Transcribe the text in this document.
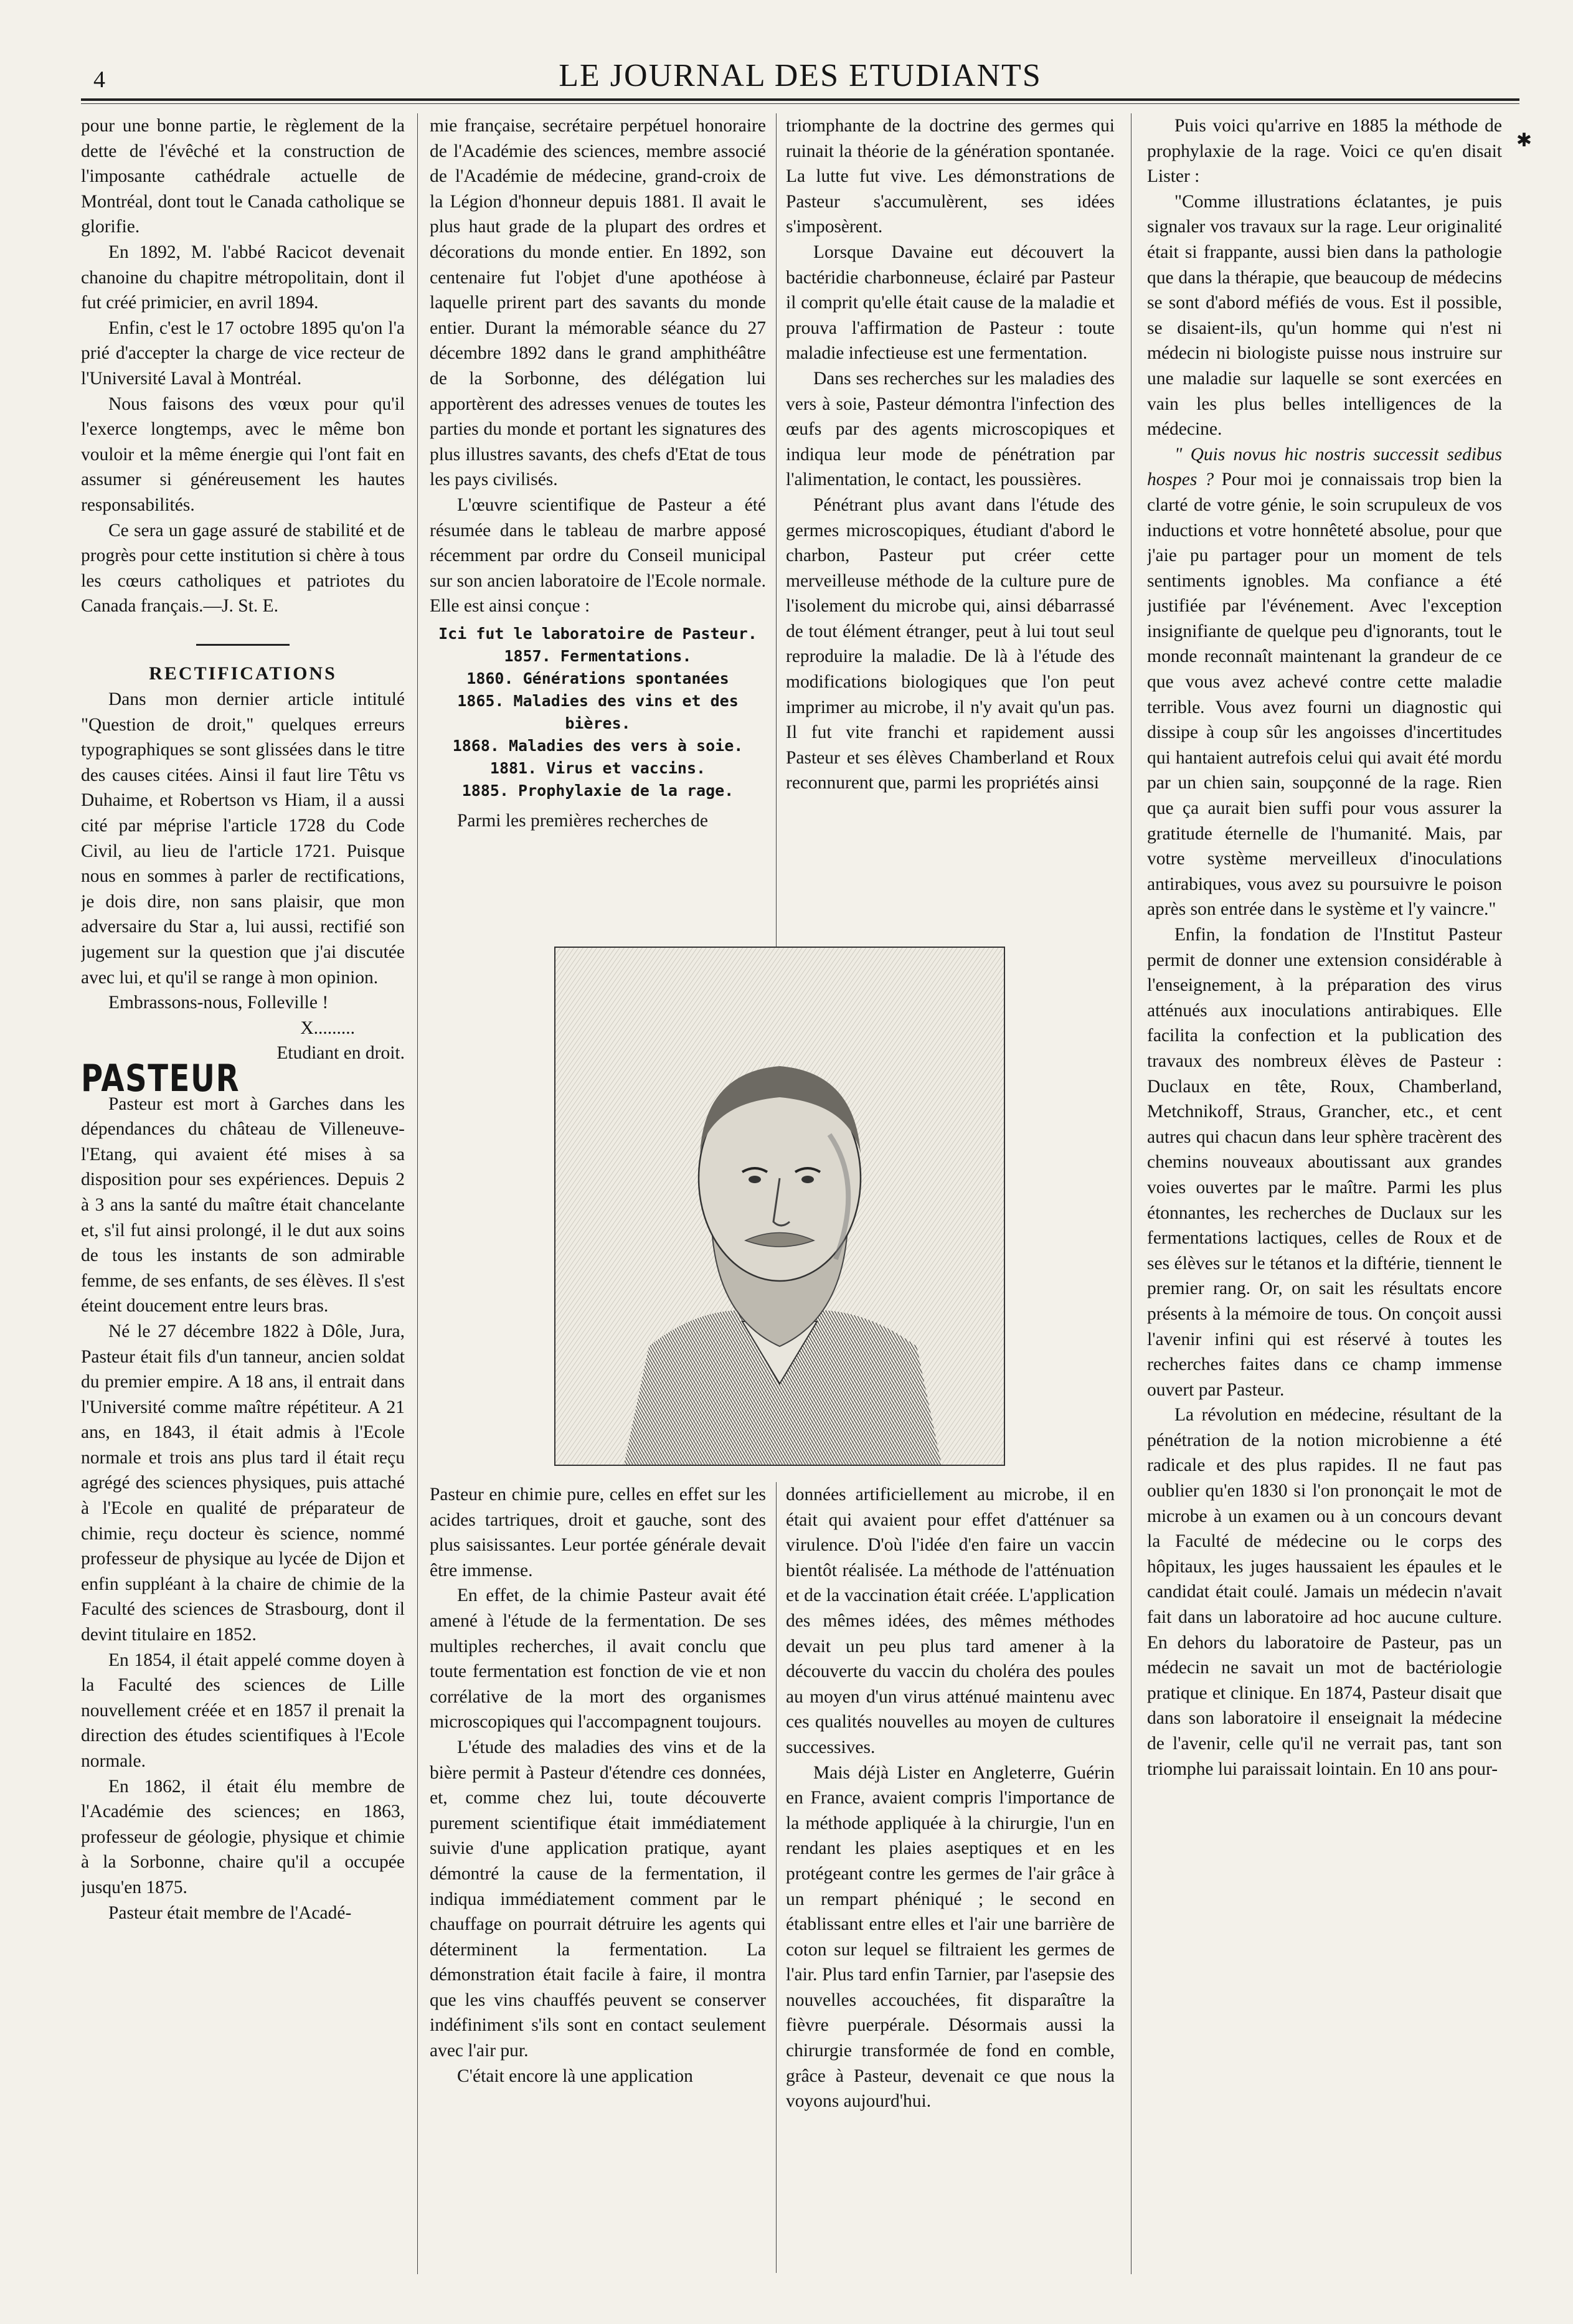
4	LE JOURNAL DES ETUDIANTS
✱

pour une bonne partie, le règlement de la dette de l'évêché et la construction de l'imposante cathédrale actuelle de Montréal, dont tout le Canada catholique se glorifie.

En 1892, M. l'abbé Racicot devenait chanoine du chapitre métropolitain, dont il fut créé primicier, en avril 1894.

Enfin, c'est le 17 octobre 1895 qu'on l'a prié d'accepter la charge de vice recteur de l'Université Laval à Montréal.

Nous faisons des vœux pour qu'il l'exerce longtemps, avec le même bon vouloir et la même énergie qui l'ont fait en assumer si généreusement les hautes responsabilités.

Ce sera un gage assuré de stabilité et de progrès pour cette institution si chère à tous les cœurs catholiques et patriotes du Canada français.—J. St. E.

RECTIFICATIONS

Dans mon dernier article intitulé "Question de droit," quelques erreurs typographiques se sont glissées dans le titre des causes citées. Ainsi il faut lire Têtu vs Duhaime, et Robertson vs Hiam, il a aussi cité par méprise l'article 1728 du Code Civil, au lieu de l'article 1721. Puisque nous en sommes à parler de rectifications, je dois dire, non sans plaisir, que mon adversaire du Star a, lui aussi, rectifié son jugement sur la question que j'ai discutée avec lui, et qu'il se range à mon opinion.

Embrassons-nous, Folleville !

X.........

Etudiant en droit.

PASTEUR

Pasteur est mort à Garches dans les dépendances du château de Villeneuve-l'Etang, qui avaient été mises à sa disposition pour ses expériences. Depuis 2 à 3 ans la santé du maître était chancelante et, s'il fut ainsi prolongé, il le dut aux soins de tous les instants de son admirable femme, de ses enfants, de ses élèves. Il s'est éteint doucement entre leurs bras.

Né le 27 décembre 1822 à Dôle, Jura, Pasteur était fils d'un tanneur, ancien soldat du premier empire. A 18 ans, il entrait dans l'Université comme maître répétiteur. A 21 ans, en 1843, il était admis à l'Ecole normale et trois ans plus tard il était reçu agrégé des sciences physiques, puis attaché à l'Ecole en qualité de préparateur de chimie, reçu docteur ès science, nommé professeur de physique au lycée de Dijon et enfin suppléant à la chaire de chimie de la Faculté des sciences de Strasbourg, dont il devint titulaire en 1852.

En 1854, il était appelé comme doyen à la Faculté des sciences de Lille nouvellement créée et en 1857 il prenait la direction des études scientifiques à l'Ecole normale.

En 1862, il était élu membre de l'Académie des sciences; en 1863, professeur de géologie, physique et chimie à la Sorbonne, chaire qu'il a occupée jusqu'en 1875.

Pasteur était membre de l'Acadé-

mie française, secrétaire perpétuel honoraire de l'Académie des sciences, membre associé de l'Académie de médecine, grand-croix de la Légion d'honneur depuis 1881. Il avait le plus haut grade de la plupart des ordres et décorations du monde entier. En 1892, son centenaire fut l'objet d'une apothéose à laquelle prirent part des savants du monde entier. Durant la mémorable séance du 27 décembre 1892 dans le grand amphithéâtre de la Sorbonne, des délégation lui apportèrent des adresses venues de toutes les parties du monde et portant les signatures des plus illustres savants, des chefs d'Etat de tous les pays civilisés.

L'œuvre scientifique de Pasteur a été résumée dans le tableau de marbre apposé récemment par ordre du Conseil municipal sur son ancien laboratoire de l'Ecole normale. Elle est ainsi conçue :

Ici fut le laboratoire de Pasteur.
1857. Fermentations.
1860. Générations spontanées
1865. Maladies des vins et des bières.
1868. Maladies des vers à soie.
1881. Virus et vaccins.
1885. Prophylaxie de la rage.

Parmi les premières recherches de

triomphante de la doctrine des germes qui ruinait la théorie de la génération spontanée. La lutte fut vive. Les démonstrations de Pasteur s'accumulèrent, ses idées s'imposèrent.

Lorsque Davaine eut découvert la bactéridie charbonneuse, éclairé par Pasteur il comprit qu'elle était cause de la maladie et prouva l'affirmation de Pasteur : toute maladie infectieuse est une fermentation.

Dans ses recherches sur les maladies des vers à soie, Pasteur démontra l'infection des œufs par des agents microscopiques et indiqua leur mode de pénétration par l'alimentation, le contact, les poussières.

Pénétrant plus avant dans l'étude des germes microscopiques, étudiant d'abord le charbon, Pasteur put créer cette merveilleuse méthode de la culture pure de l'isolement du microbe qui, ainsi débarrassé de tout élément étranger, peut à lui tout seul reproduire la maladie. De là à l'étude des modifications biologiques que l'on peut imprimer au microbe, il n'y avait qu'un pas. Il fut vite franchi et rapidement aussi Pasteur et ses élèves Chamberland et Roux reconnurent que, parmi les propriétés ainsi

Pasteur en chimie pure, celles en effet sur les acides tartriques, droit et gauche, sont des plus saisissantes. Leur portée générale devait être immense.

En effet, de la chimie Pasteur avait été amené à l'étude de la fermentation. De ses multiples recherches, il avait conclu que toute fermentation est fonction de vie et non corrélative de la mort des organismes microscopiques qui l'accompagnent toujours.

L'étude des maladies des vins et de la bière permit à Pasteur d'étendre ces données, et, comme chez lui, toute découverte purement scientifique était immédiatement suivie d'une application pratique, ayant démontré la cause de la fermentation, il indiqua immédiatement comment par le chauffage on pourrait détruire les agents qui déterminent la fermentation. La démonstration était facile à faire, il montra que les vins chauffés peuvent se conserver indéfiniment s'ils sont en contact seulement avec l'air pur.

C'était encore là une application

données artificiellement au microbe, il en était qui avaient pour effet d'atténuer sa virulence. D'où l'idée d'en faire un vaccin bientôt réalisée. La méthode de l'atténuation et de la vaccination était créée. L'application des mêmes idées, des mêmes méthodes devait un peu plus tard amener à la découverte du vaccin du choléra des poules au moyen d'un virus atténué maintenu avec ces qualités nouvelles au moyen de cultures successives.

Mais déjà Lister en Angleterre, Guérin en France, avaient compris l'importance de la méthode appliquée à la chirurgie, l'un en rendant les plaies aseptiques et en les protégeant contre les germes de l'air grâce à un rempart phéniqué ; le second en établissant entre elles et l'air une barrière de coton sur lequel se filtraient les germes de l'air. Plus tard enfin Tarnier, par l'asepsie des nouvelles accouchées, fit disparaître la fièvre puerpérale. Désormais aussi la chirurgie transformée de fond en comble, grâce à Pasteur, devenait ce que nous la voyons aujourd'hui.

Puis voici qu'arrive en 1885 la méthode de prophylaxie de la rage. Voici ce qu'en disait Lister :

"Comme illustrations éclatantes, je puis signaler vos travaux sur la rage. Leur originalité était si frappante, aussi bien dans la pathologie que dans la thérapie, que beaucoup de médecins se sont d'abord méfiés de vous. Est il possible, se disaient-ils, qu'un homme qui n'est ni médecin ni biologiste puisse nous instruire sur une maladie sur laquelle se sont exercées en vain les plus belles intelligences de la médecine.

" Quis novus hic nostris successit sedibus hospes ? Pour moi je connaissais trop bien la clarté de votre génie, le soin scrupuleux de vos inductions et votre honnêteté absolue, pour que j'aie pu partager pour un moment de tels sentiments ignobles. Ma confiance a été justifiée par l'événement. Avec l'exception insignifiante de quelque peu d'ignorants, tout le monde reconnaît maintenant la grandeur de ce que vous avez achevé contre cette maladie terrible. Vous avez fourni un diagnostic qui dissipe à coup sûr les angoisses d'incertitudes qui hantaient autrefois celui qui avait été mordu par un chien sain, soupçonné de la rage. Rien que ça aurait bien suffi pour vous assurer la gratitude éternelle de l'humanité. Mais, par votre système merveilleux d'inoculations antirabiques, vous avez su poursuivre le poison après son entrée dans le système et l'y vaincre."

Enfin, la fondation de l'Institut Pasteur permit de donner une extension considérable à l'enseignement, à la préparation des virus atténués aux inoculations antirabiques. Elle facilita la confection et la publication des travaux des nombreux élèves de Pasteur : Duclaux en tête, Roux, Chamberland, Metchnikoff, Straus, Grancher, etc., et cent autres qui chacun dans leur sphère tracèrent des chemins nouveaux aboutissant aux grandes voies ouvertes par le maître. Parmi les plus étonnantes, les recherches de Duclaux sur les fermentations lactiques, celles de Roux et de ses élèves sur le tétanos et la diftérie, tiennent le premier rang. Or, on sait les résultats encore présents à la mémoire de tous. On conçoit aussi l'avenir infini qui est réservé à toutes les recherches faites dans ce champ immense ouvert par Pasteur.

La révolution en médecine, résultant de la pénétration de la notion microbienne a été radicale et des plus rapides. Il ne faut pas oublier qu'en 1830 si l'on prononçait le mot de microbe à un examen ou à un concours devant la Faculté de médecine ou le corps des hôpitaux, les juges haussaient les épaules et le candidat était coulé. Jamais un médecin n'avait fait dans un laboratoire ad hoc aucune culture. En dehors du laboratoire de Pasteur, pas un médecin ne savait un mot de bactériologie pratique et clinique. En 1874, Pasteur disait que dans son laboratoire il enseignait la médecine de l'avenir, celle qu'il ne verrait pas, tant son triomphe lui paraissait lointain. En 10 ans pour-
